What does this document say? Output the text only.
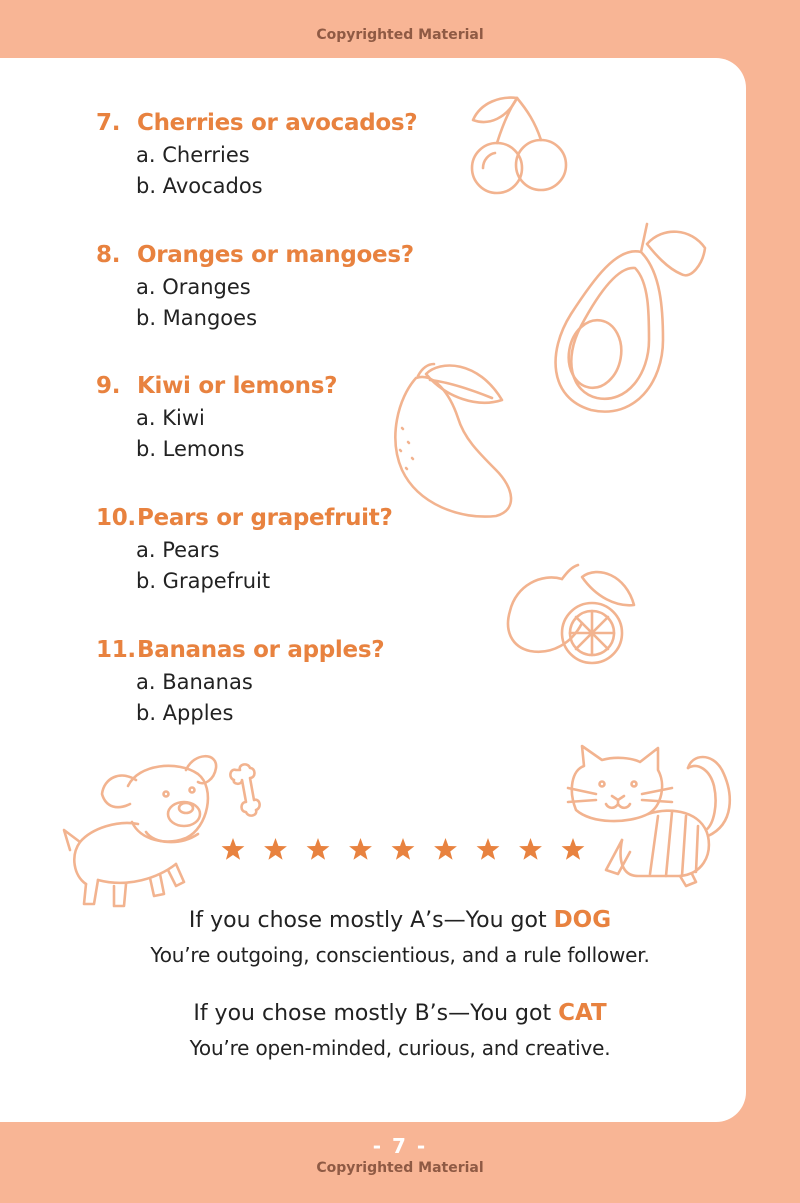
Copyrighted Material
7. Cherries or avocados?
a. Cherries
b. Avocados
8. Oranges or mangoes?
a. Oranges
b. Mangoes
9. Kiwi or lemons?
a. Kiwi
b. Lemons
10.Pears or grapefruit?
a. Pears
b. Grapefruit
11.Bananas or apples?
a. Bananas
b. Apples
If you chose mostly A’s—You got DOG
You’re outgoing, conscientious, and a rule follower.
If you chose mostly B’s—You got CAT
You’re open-minded, curious, and creative.
- 7 -
Copyrighted Material
